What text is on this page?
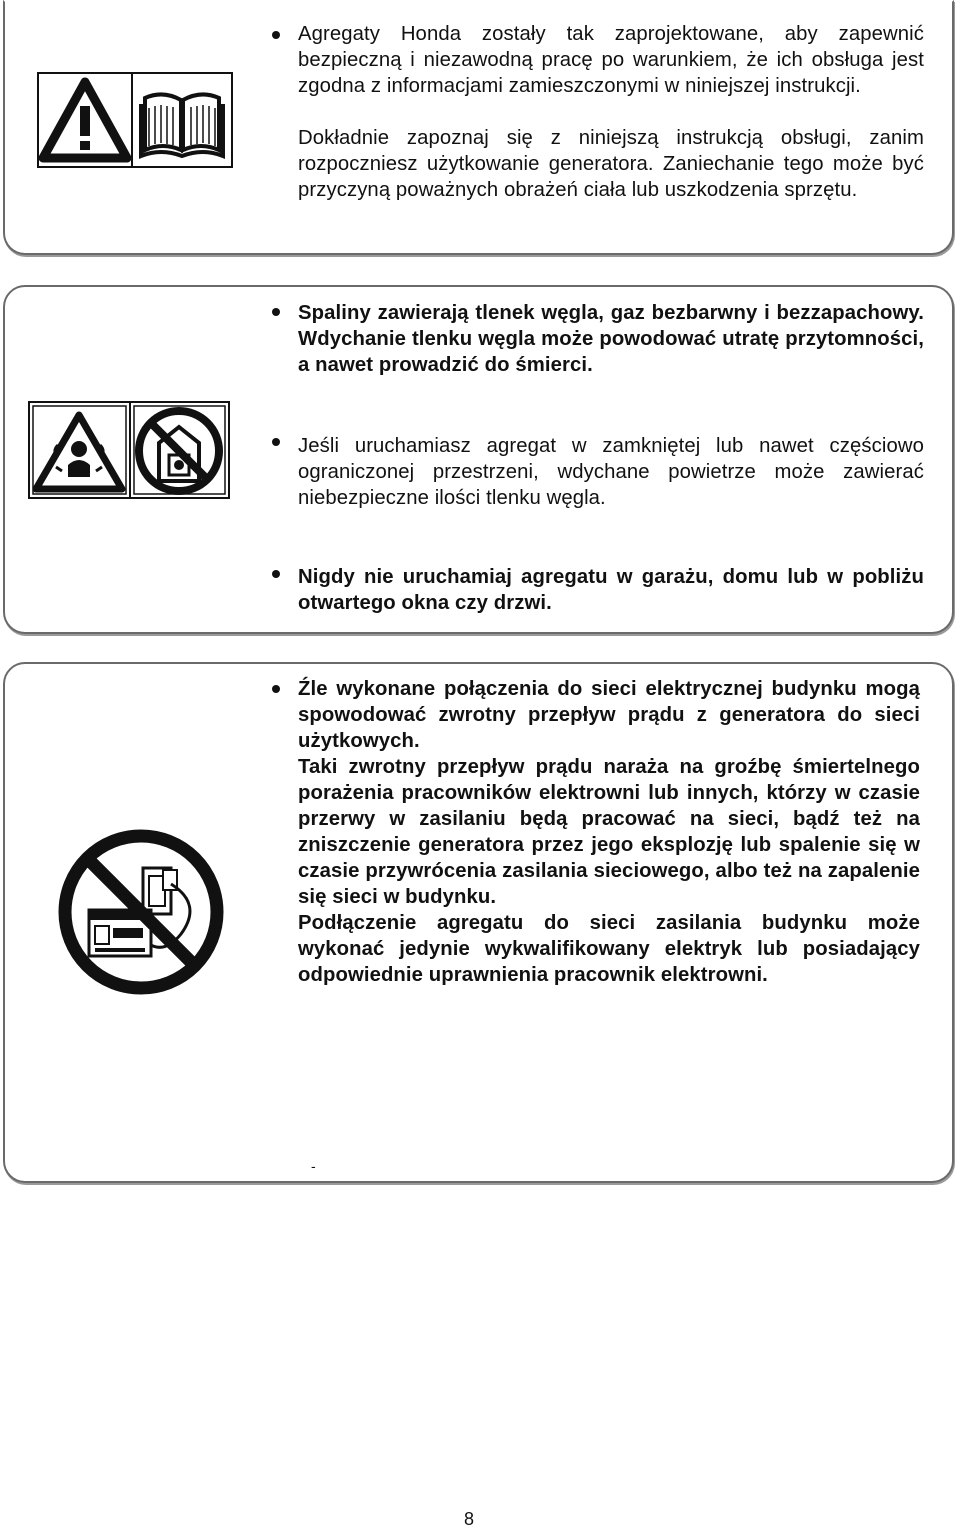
Agregaty Honda zostały tak zaprojektowane, aby zapewnić bezpieczną i niezawodną pracę po warunkiem, że ich obsługa jest zgodna z informacjami zamieszczonymi w niniejszej instrukcji.

Dokładnie zapoznaj się z niniejszą instrukcją obsługi, zanim rozpoczniesz użytkowanie generatora. Zaniechanie tego może być przyczyną poważnych obrażeń ciała lub uszkodzenia sprzętu.

Spaliny zawierają tlenek węgla, gaz bezbarwny i bezzapachowy. Wdychanie tlenku węgla może powodować utratę przytomności, a nawet prowadzić do śmierci.

Jeśli uruchamiasz agregat w zamkniętej lub nawet częściowo ograniczonej przestrzeni, wdychane powietrze może zawierać niebezpieczne ilości tlenku węgla.

Nigdy nie uruchamiaj agregatu w garażu, domu lub w pobliżu otwartego okna czy drzwi.

Źle wykonane połączenia do sieci elektrycznej budynku mogą spowodować zwrotny przepływ prądu z generatora do sieci użytkowych.

Taki zwrotny przepływ prądu naraża na groźbę śmiertelnego porażenia pracowników elektrowni lub innych, którzy w czasie przerwy w zasilaniu będą pracować na sieci, bądź też na zniszczenie generatora przez jego eksplozję lub spalenie się w czasie przywrócenia zasilania sieciowego, albo też na zapalenie się sieci w budynku.

Podłączenie agregatu do sieci zasilania budynku może wykonać jedynie wykwalifikowany elektryk lub posiadający odpowiednie uprawnienia pracownik elektrowni.

-
8
